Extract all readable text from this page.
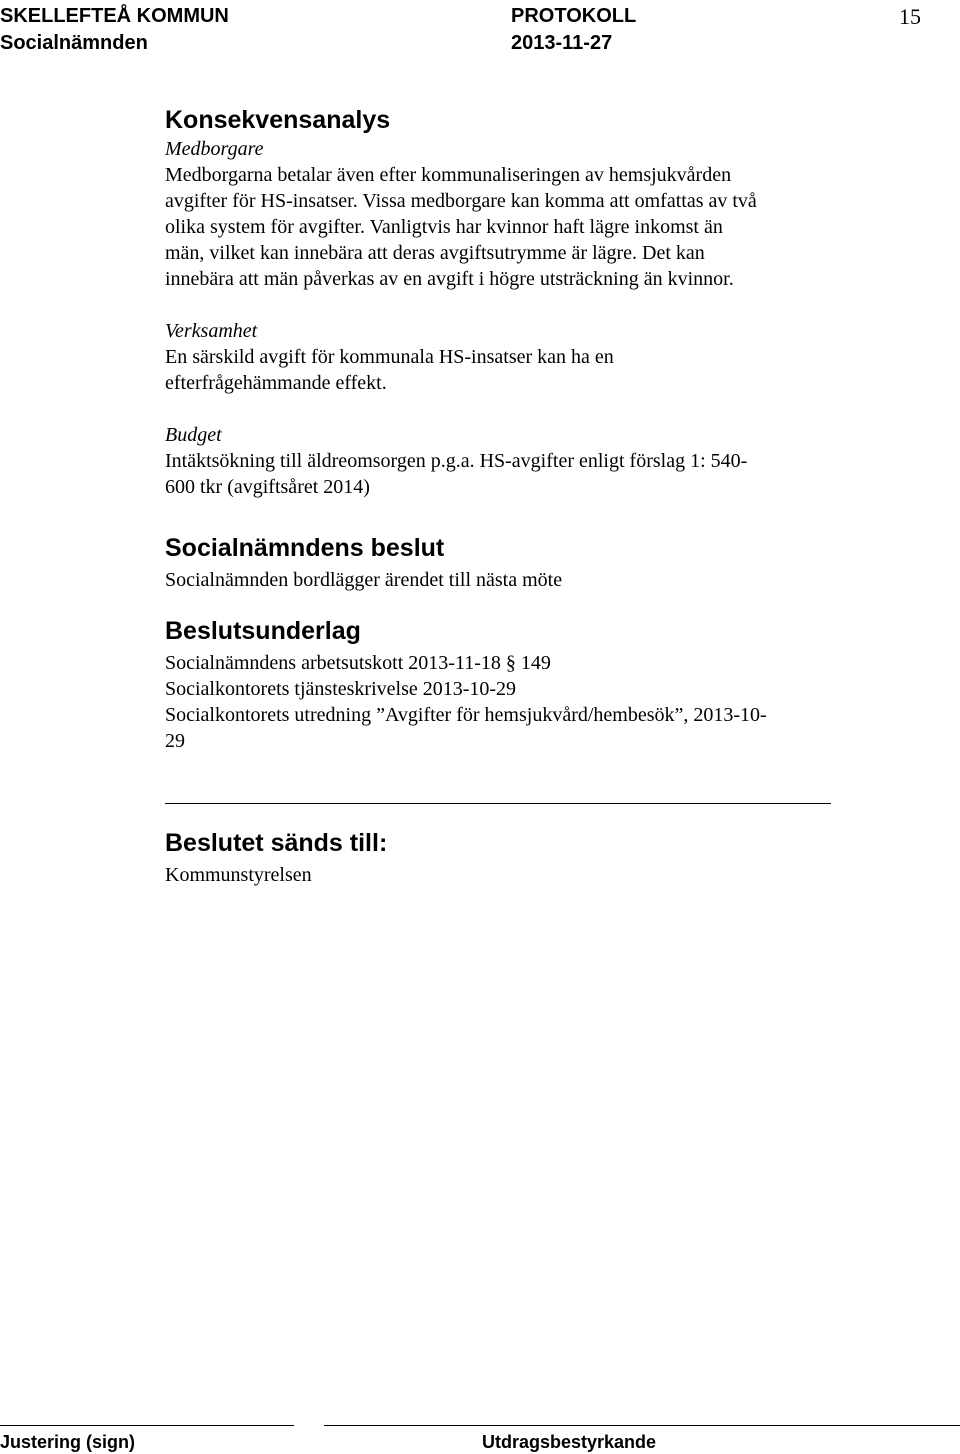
SKELLEFTEÅ KOMMUN
Socialnämnden
PROTOKOLL
2013-11-27
15
Konsekvensanalys
Medborgare
Medborgarna betalar även efter kommunaliseringen av hemsjukvården
avgifter för HS-insatser. Vissa medborgare kan komma att omfattas av två
olika system för avgifter. Vanligtvis har kvinnor haft lägre inkomst än
män, vilket kan innebära att deras avgiftsutrymme är lägre. Det kan
innebära att män påverkas av en avgift i högre utsträckning än kvinnor.
Verksamhet
En särskild avgift för kommunala HS-insatser kan ha en
efterfrågehämmande effekt.
Budget
Intäktsökning till äldreomsorgen p.g.a. HS-avgifter enligt förslag 1: 540-
600 tkr (avgiftsåret 2014)
Socialnämndens beslut
Socialnämnden bordlägger ärendet till nästa möte
Beslutsunderlag
Socialnämndens arbetsutskott 2013-11-18 § 149
Socialkontorets tjänsteskrivelse 2013-10-29
Socialkontorets utredning ”Avgifter för hemsjukvård/hembesök”, 2013-10-
29
Beslutet sänds till:
Kommunstyrelsen
Justering (sign)	Utdragsbestyrkande
